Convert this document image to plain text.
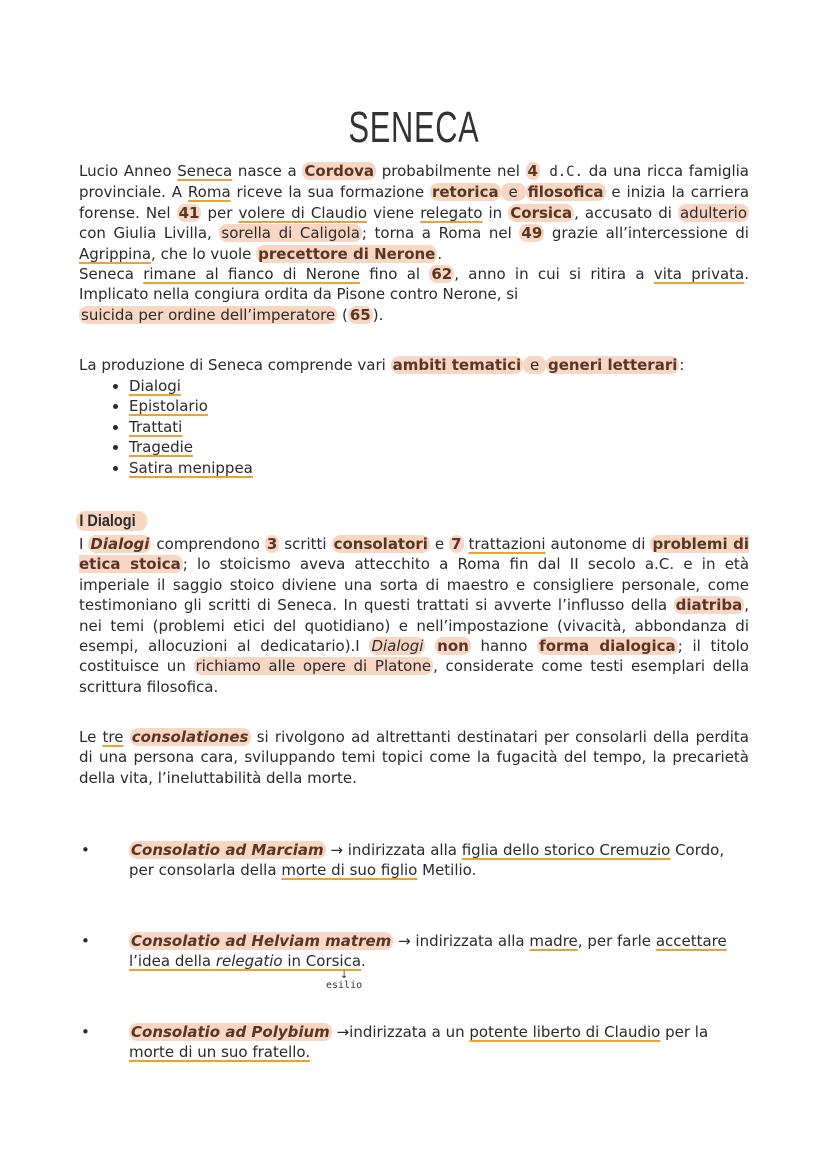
SENECA

Lucio Anneo Seneca nasce a Cordova probabilmente nel 4 d.C. da una ricca famiglia provinciale. A Roma riceve la sua formazione retorica e filosofica e inizia la carriera forense. Nel 41 per volere di Claudio viene relegato in Corsica , accusato di adulterio con Giulia Livilla, sorella di Caligola ; torna a Roma nel 49 grazie all’intercessione di Agrippina, che lo vuole precettore di Nerone .

Seneca rimane al fianco di Nerone fino al 62 , anno in cui si ritira a vita privata. Implicato nella congiura ordita da Pisone contro Nerone, si
suicida per ordine dell’imperatore ( 65 ).

La produzione di Seneca comprende vari ambiti tematici e generi letterari :

• Dialogi
• Epistolario
• Trattati
• Tragedie
• Satira menippea
I Dialogi

I Dialogi comprendono 3 scritti consolatori e 7 trattazioni autonome di problemi di etica stoica ; lo stoicismo aveva attecchito a Roma fin dal II secolo a.C. e in età imperiale il saggio stoico diviene una sorta di maestro e consigliere personale, come testimoniano gli scritti di Seneca. In questi trattati si avverte l’influsso della diatriba , nei temi (problemi etici del quotidiano) e nell’impostazione (vivacità, abbondanza di esempi, allocuzioni al dedicatario).I Dialogi non hanno forma dialogica ; il titolo costituisce un richiamo alle opere di Platone , considerate come testi esemplari della scrittura filosofica.

Le tre consolationes si rivolgono ad altrettanti destinatari per consolarli della perdita di una persona cara, sviluppando temi topici come la fugacità del tempo, la precarietà della vita, l’ineluttabilità della morte.

•	Consolatio ad Marciam → indirizzata alla figlia dello storico Cremuzio Cordo, per consolarla della morte di suo figlio Metilio.
•	Consolatio ad Helviam matrem → indirizzata alla madre, per farle accettare l’idea della relegatio in Corsica.
↓
esilio
•	Consolatio ad Polybium →indirizzata a un potente liberto di Claudio per la morte di un suo fratello.
